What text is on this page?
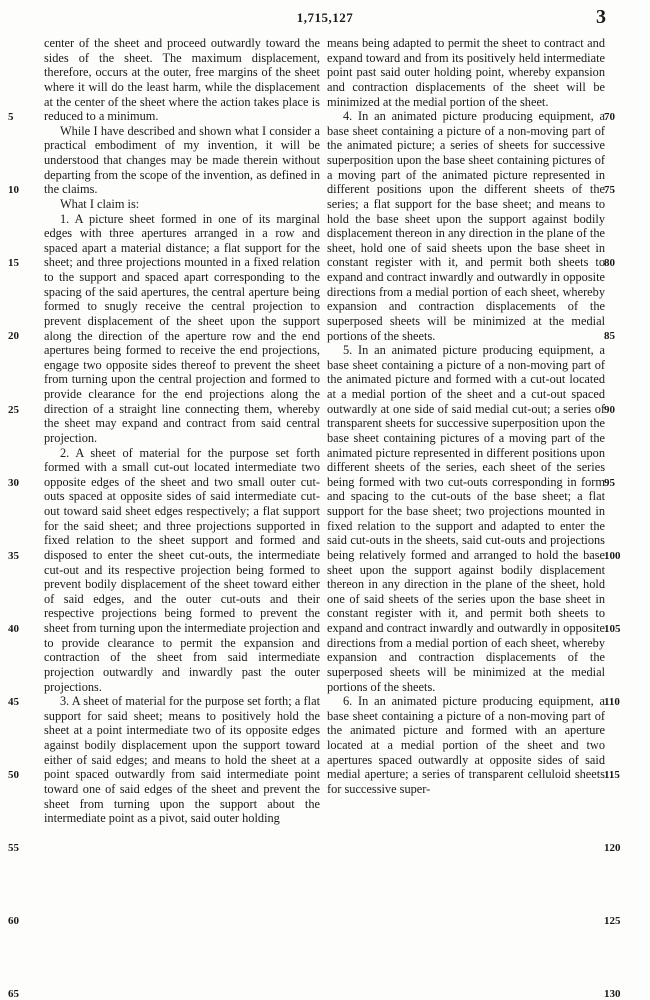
1,715,127	3
5
10
15
20
25
30
35
40
45
50
55
60
65

center of the sheet and proceed outwardly toward the sides of the sheet. The maximum displacement, therefore, occurs at the outer, free margins of the sheet where it will do the least harm, while the displacement at the center of the sheet where the action takes place is reduced to a minimum.

While I have described and shown what I consider a practical embodiment of my invention, it will be understood that changes may be made therein without departing from the scope of the invention, as defined in the claims.

What I claim is:

1. A picture sheet formed in one of its marginal edges with three apertures arranged in a row and spaced apart a material distance; a flat support for the sheet; and three projections mounted in a fixed relation to the support and spaced apart corresponding to the spacing of the said apertures, the central aperture being formed to snugly receive the central projection to prevent displacement of the sheet upon the support along the direction of the aperture row and the end apertures being formed to receive the end projections, engage two opposite sides thereof to prevent the sheet from turning upon the central projection and formed to provide clearance for the end projections along the direction of a straight line connecting them, whereby the sheet may expand and contract from said central projection.

2. A sheet of material for the purpose set forth formed with a small cut-out located intermediate two opposite edges of the sheet and two small outer cut-outs spaced at opposite sides of said intermediate cut-out toward said sheet edges respectively; a flat support for the said sheet; and three projections supported in fixed relation to the sheet support and formed and disposed to enter the sheet cut-outs, the intermediate cut-out and its respective projection being formed to prevent bodily displacement of the sheet toward either of said edges, and the outer cut-outs and their respective projections being formed to prevent the sheet from turning upon the intermediate projection and to provide clearance to permit the expansion and contraction of the sheet from said intermediate projection outwardly and inwardly past the outer projections.

3. A sheet of material for the purpose set forth; a flat support for said sheet; means to positively hold the sheet at a point intermediate two of its opposite edges against bodily displacement upon the support toward either of said edges; and means to hold the sheet at a point spaced outwardly from said intermediate point toward one of said edges of the sheet and prevent the sheet from turning upon the support about the intermediate point as a pivot, said outer holding

means being adapted to permit the sheet to contract and expand toward and from its positively held intermediate point past said outer holding point, whereby expansion and contraction displacements of the sheet will be minimized at the medial portion of the sheet.

4. In an animated picture producing equipment, a base sheet containing a picture of a non-moving part of the animated picture; a series of sheets for successive superposition upon the base sheet containing pictures of a moving part of the animated picture represented in different positions upon the different sheets of the series; a flat support for the base sheet; and means to hold the base sheet upon the support against bodily displacement thereon in any direction in the plane of the sheet, hold one of said sheets upon the base sheet in constant register with it, and permit both sheets to expand and contract inwardly and outwardly in opposite directions from a medial portion of each sheet, whereby expansion and contraction displacements of the superposed sheets will be minimized at the medial portions of the sheets.

5. In an animated picture producing equipment, a base sheet containing a picture of a non-moving part of the animated picture and formed with a cut-out located at a medial portion of the sheet and a cut-out spaced outwardly at one side of said medial cut-out; a series of transparent sheets for successive superposition upon the base sheet containing pictures of a moving part of the animated picture represented in different positions upon different sheets of the series, each sheet of the series being formed with two cut-outs corresponding in form and spacing to the cut-outs of the base sheet; a flat support for the base sheet; two projections mounted in fixed relation to the support and adapted to enter the said cut-outs in the sheets, said cut-outs and projections being relatively formed and arranged to hold the base sheet upon the support against bodily displacement thereon in any direction in the plane of the sheet, hold one of said sheets of the series upon the base sheet in constant register with it, and permit both sheets to expand and contract inwardly and outwardly in opposite directions from a medial portion of each sheet, whereby expansion and contraction displacements of the superposed sheets will be minimized at the medial portions of the sheets.

6. In an animated picture producing equipment, a base sheet containing a picture of a non-moving part of the animated picture and formed with an aperture located at a medial portion of the sheet and two apertures spaced outwardly at opposite sides of said medial aperture; a series of transparent celluloid sheets for successive super-

70
75
80
85
90
95
100
105
110
115
120
125
130
